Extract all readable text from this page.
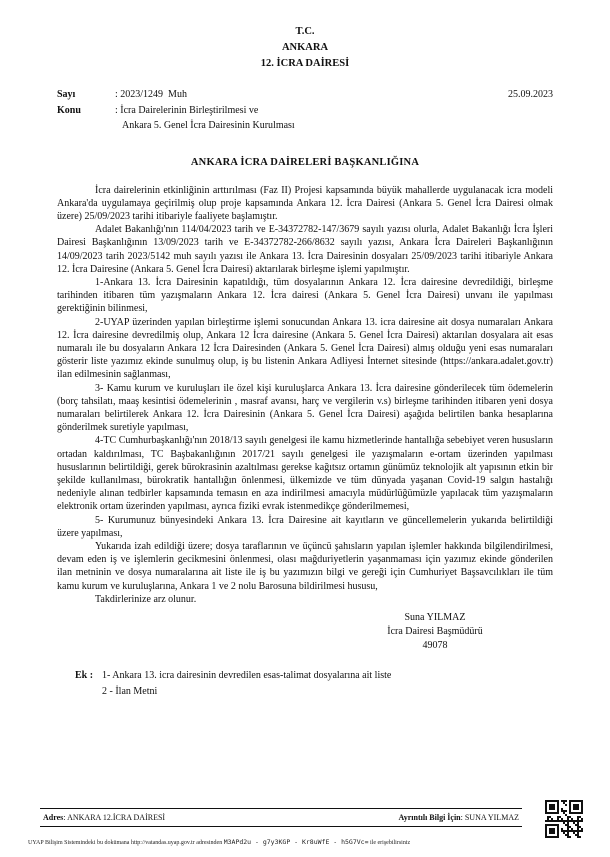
T.C.
ANKARA
12. İCRA DAİRESİ
Sayı	: 2023/1249  Muh	25.09.2023
Konu	: İcra Dairelerinin Birleştirilmesi ve
Ankara 5. Genel İcra Dairesinin Kurulması
ANKARA İCRA DAİRELERİ BAŞKANLIĞINA

İcra dairelerinin etkinliğinin arttırılması (Faz II) Projesi kapsamında büyük mahallerde uygulanacak icra modeli Ankara'da uygulamaya geçirilmiş olup proje kapsamında Ankara 12. İcra Dairesi (Ankara 5. Genel İcra Dairesi olmak üzere) 25/09/2023 tarihi itibariyle faaliyete başlamıştır.

Adalet Bakanlığı'nın 114/04/2023 tarih ve E-34372782-147/3679 sayılı yazısı olurla, Adalet Bakanlığı İcra İşleri Dairesi Başkanlığının 13/09/2023 tarih ve E-34372782-266/8632 sayılı yazısı, Ankara İcra Daireleri Başkanlığının 14/09/2023 tarih 2023/5142 muh sayılı yazısı ile Ankara 13. İcra Dairesinin dosyaları 25/09/2023 tarihi itibariyle Ankara 12. İcra Dairesine (Ankara 5. Genel İcra Dairesi) aktarılarak birleşme işlemi yapılmıştır.

1-Ankara 13. İcra Dairesinin kapatıldığı, tüm dosyalarının Ankara 12. İcra dairesine devredildiği, birleşme tarihinden itibaren tüm yazışmaların Ankara 12. İcra dairesi (Ankara 5. Genel İcra Dairesi) unvanı ile yapılması gerektiğinin bilinmesi,

2-UYAP üzerinden yapılan birleştirme işlemi sonucundan Ankara 13. icra dairesine ait dosya numaraları Ankara 12. İcra dairesine devredilmiş olup, Ankara 12 İcra dairesine (Ankara 5. Genel İcra Dairesi) aktarılan dosyalara ait esas numaralı ile bu dosyaların Ankara 12 İcra Dairesinden (Ankara 5. Genel İcra Dairesi) almış olduğu yeni esas numaraları gösterir liste yazımız ekinde sunulmuş olup, iş bu listenin Ankara Adliyesi İnternet sitesinde (https://ankara.adalet.gov.tr) ilan edilmesinin sağlanması,

3- Kamu kurum ve kuruluşları ile özel kişi kuruluşlarca Ankara 13. İcra dairesine gönderilecek tüm ödemelerin (borç tahsilatı, maaş kesintisi ödemelerinin , masraf avansı, harç ve vergilerin v.s) birleşme tarihinden itibaren yeni dosya numaraları belirtilerek Ankara 12. İcra Dairesinin (Ankara 5. Genel İcra Dairesi) aşağıda belirtilen banka hesaplarına gönderilmek suretiyle yapılması,

4-TC Cumhurbaşkanlığı'nın 2018/13 sayılı genelgesi ile kamu hizmetlerinde hantallığa sebebiyet veren hususların ortadan kaldırılması, TC Başbakanlığının 2017/21 sayılı genelgesi ile yazışmaların e-ortam üzerinden yapılması hususlarının belirtildiği, gerek bürokrasinin azaltılması gerekse kağıtsız ortamın günümüz teknolojik alt yapısının etkin bir şekilde kullanılması, bürokratik hantallığın önlenmesi, ülkemizde ve tüm dünyada yaşanan Covid-19 salgın hastalığı nedeniyle alınan tedbirler kapsamında temasın en aza indirilmesi amacıyla müdürlüğümüzle yapılacak tüm yazışmaların elektronik ortam üzerinden yapılması, ayrıca fiziki evrak istenmedikçe gönderilmemesi,

5- Kurumunuz bünyesindeki Ankara 13. İcra Dairesine ait kayıtların ve güncellemelerin yukarıda belirtildiği üzere yapılması,

Yukarıda izah edildiği üzere; dosya taraflarının ve üçüncü şahısların yapılan işlemler hakkında bilgilendirilmesi, devam eden iş ve işlemlerin gecikmesini önlenmesi, olası mağduriyetlerin yaşanmaması için yazımız ekinde gönderilen ilan metninin ve dosya numaralarına ait liste ile iş bu yazımızın bilgi ve gereği için Cumhuriyet Başsavcılıkları ile tüm kamu kurum ve kuruluşlarına, Ankara 1 ve 2 nolu Barosuna bildirilmesi hususu,

Takdirlerinize arz olunur.

Suna YILMAZ
İcra Dairesi Başmüdürü
49078
Ek : 1- Ankara 13. icra dairesinin devredilen esas-talimat dosyalarına ait liste
2 - İlan Metni
Adres: ANKARA 12.İCRA DAİRESİ	Ayrıntılı Bilgi İçin: SUNA YILMAZ
UYAP Bilişim Sistemindeki bu dokümana http://vatandas.uyap.gov.tr adresinden M3APd2u - g7y3KGP - Kr8uWfE - h5G7Vc= ile erişebilirsiniz
